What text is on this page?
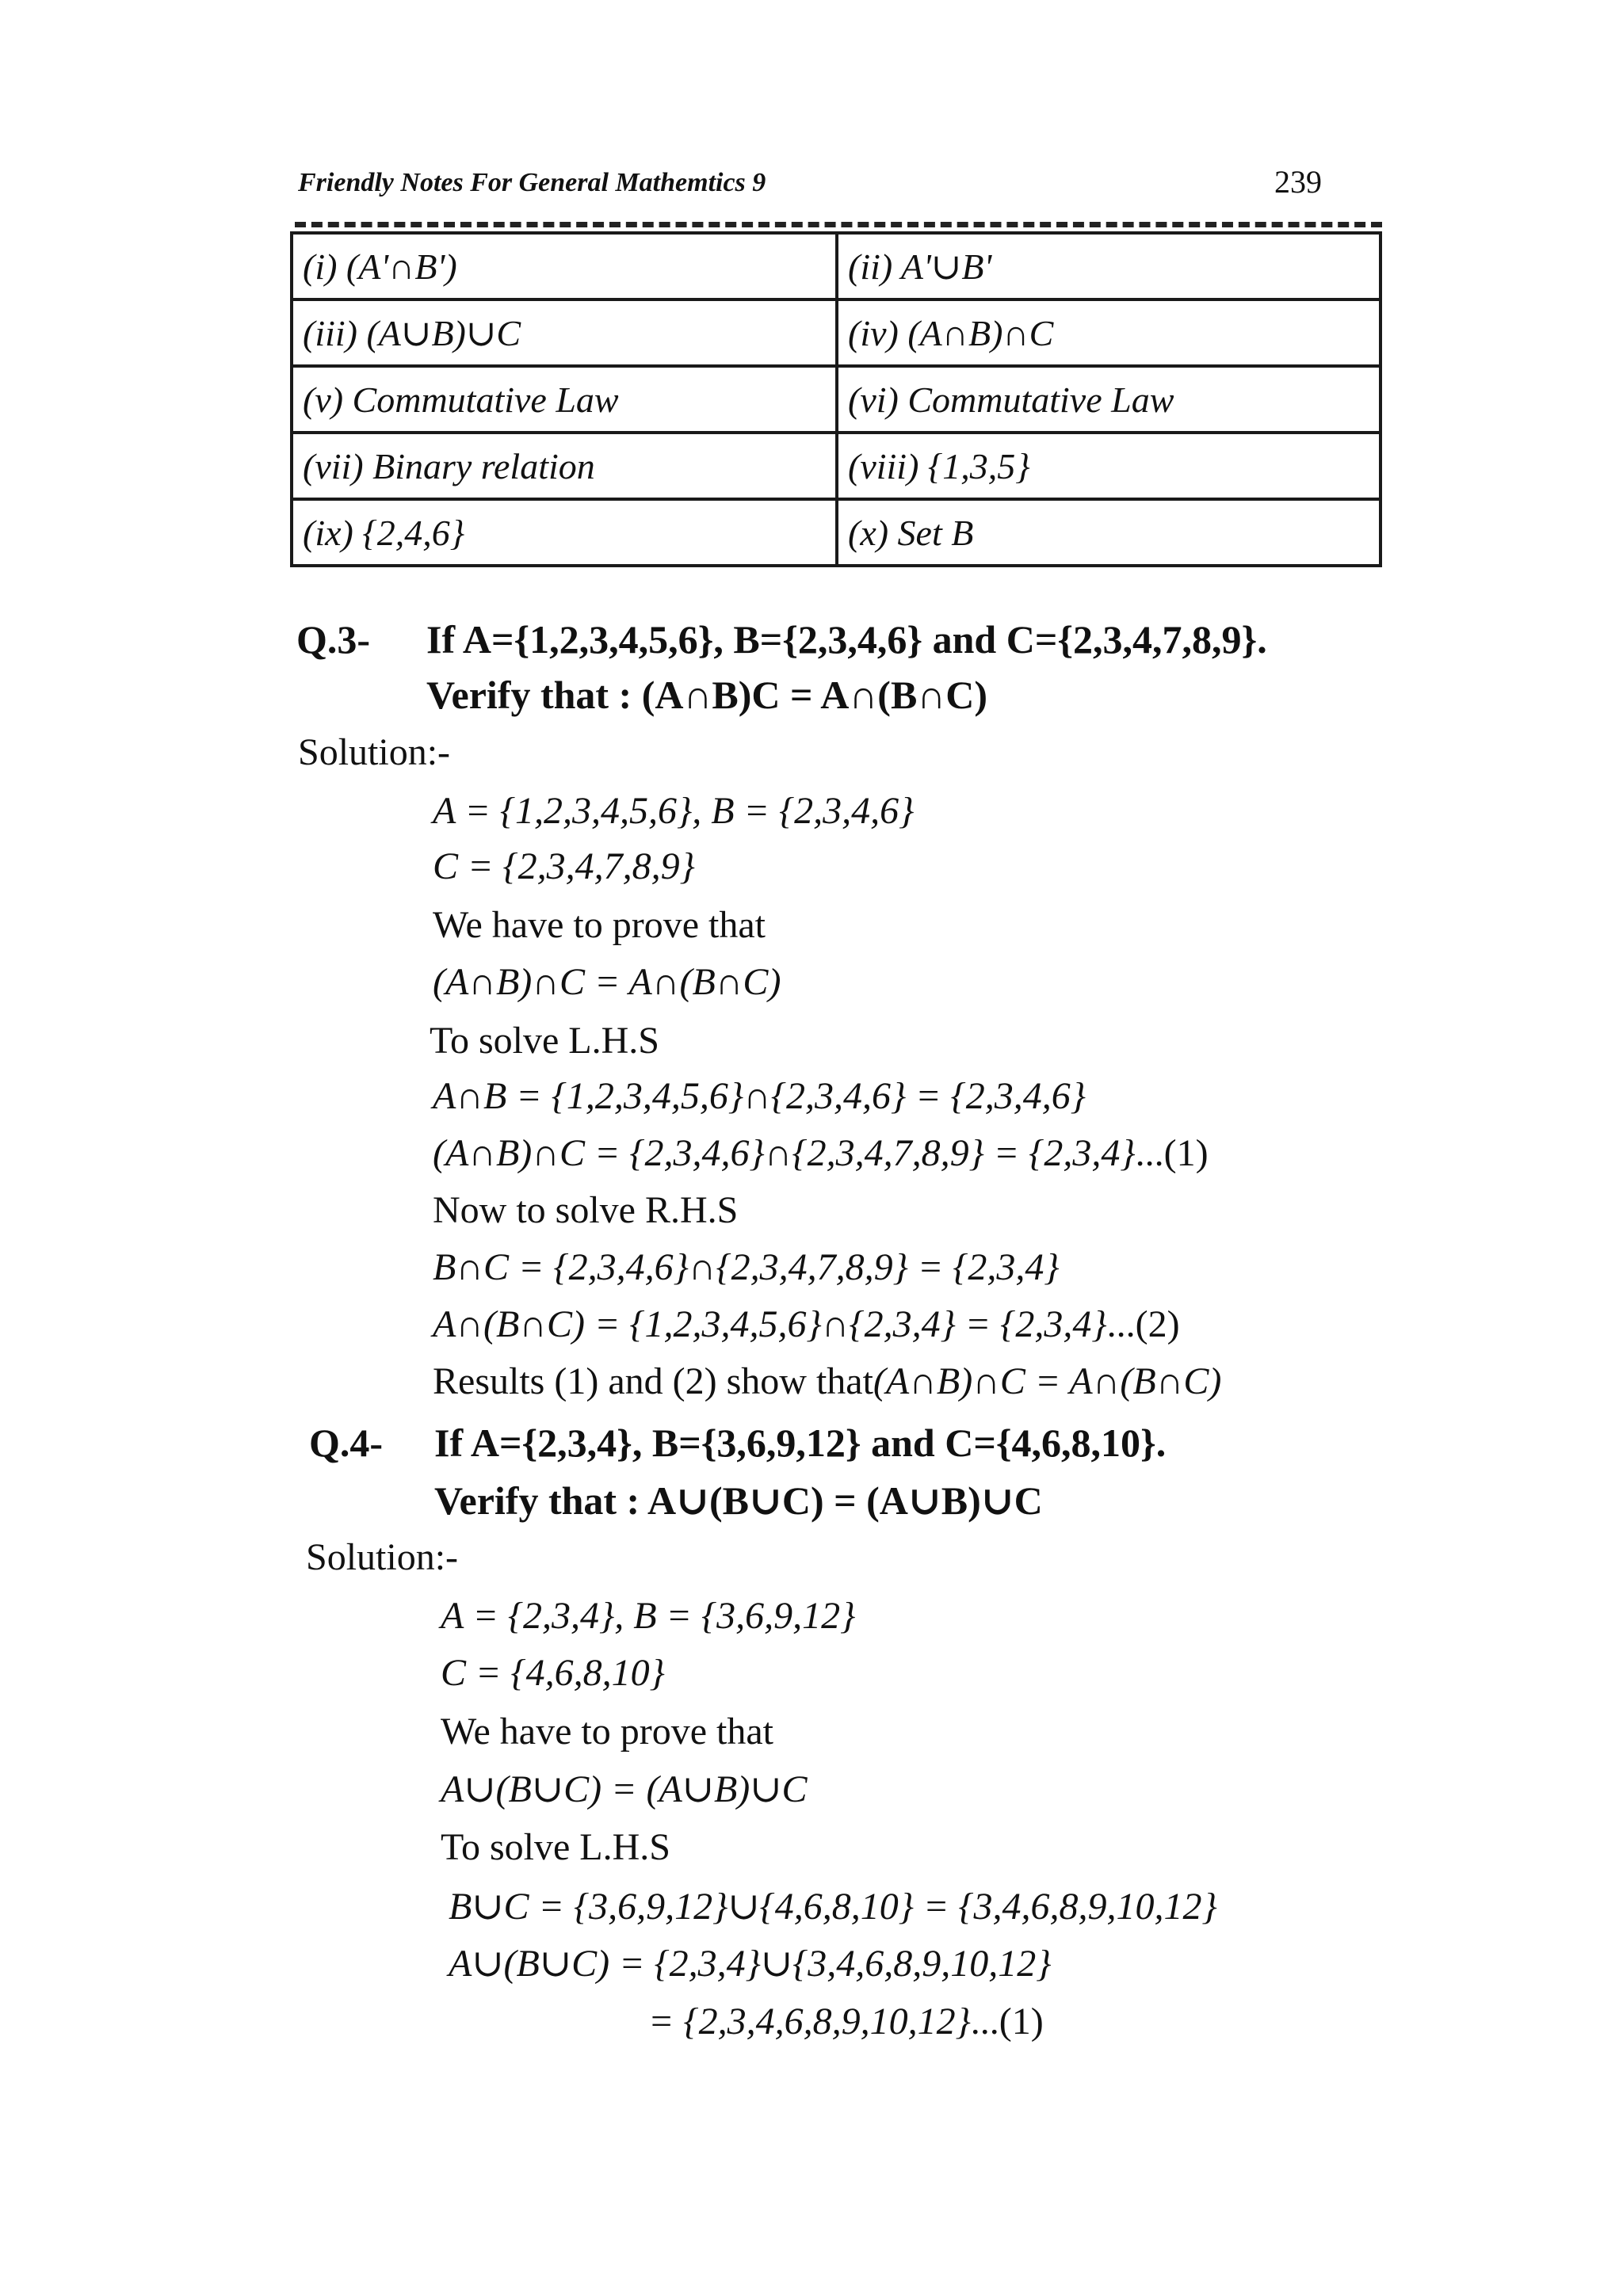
Friendly Notes For General Mathemtics 9	239
(i) (A'∩B')	(ii) A'∪B'
(iii) (A∪B)∪C	(iv) (A∩B)∩C
(v) Commutative Law	(vi) Commutative Law
(vii) Binary relation	(viii) {1,3,5}
(ix) {2,4,6}	(x) Set B
Q.3- If A={1,2,3,4,5,6}, B={2,3,4,6} and C={2,3,4,7,8,9}.
Verify that : (A∩B)C = A∩(B∩C)
Solution:-
A = {1,2,3,4,5,6}, B = {2,3,4,6}
C = {2,3,4,7,8,9}
We have to prove that
(A∩B)∩C = A∩(B∩C)
To solve L.H.S
A∩B = {1,2,3,4,5,6}∩{2,3,4,6} = {2,3,4,6}
(A∩B)∩C = {2,3,4,6}∩{2,3,4,7,8,9} = {2,3,4}...(1)
Now to solve R.H.S
B∩C = {2,3,4,6}∩{2,3,4,7,8,9} = {2,3,4}
A∩(B∩C) = {1,2,3,4,5,6}∩{2,3,4} = {2,3,4}...(2)
Results (1) and (2) show that(A∩B)∩C = A∩(B∩C)
Q.4- If A={2,3,4}, B={3,6,9,12} and C={4,6,8,10}.
Verify that : A∪(B∪C) = (A∪B)∪C
Solution:-
A = {2,3,4}, B = {3,6,9,12}
C = {4,6,8,10}
We have to prove that
A∪(B∪C) = (A∪B)∪C
To solve L.H.S
B∪C = {3,6,9,12}∪{4,6,8,10} = {3,4,6,8,9,10,12}
A∪(B∪C) = {2,3,4}∪{3,4,6,8,9,10,12}
= {2,3,4,6,8,9,10,12}...(1)
